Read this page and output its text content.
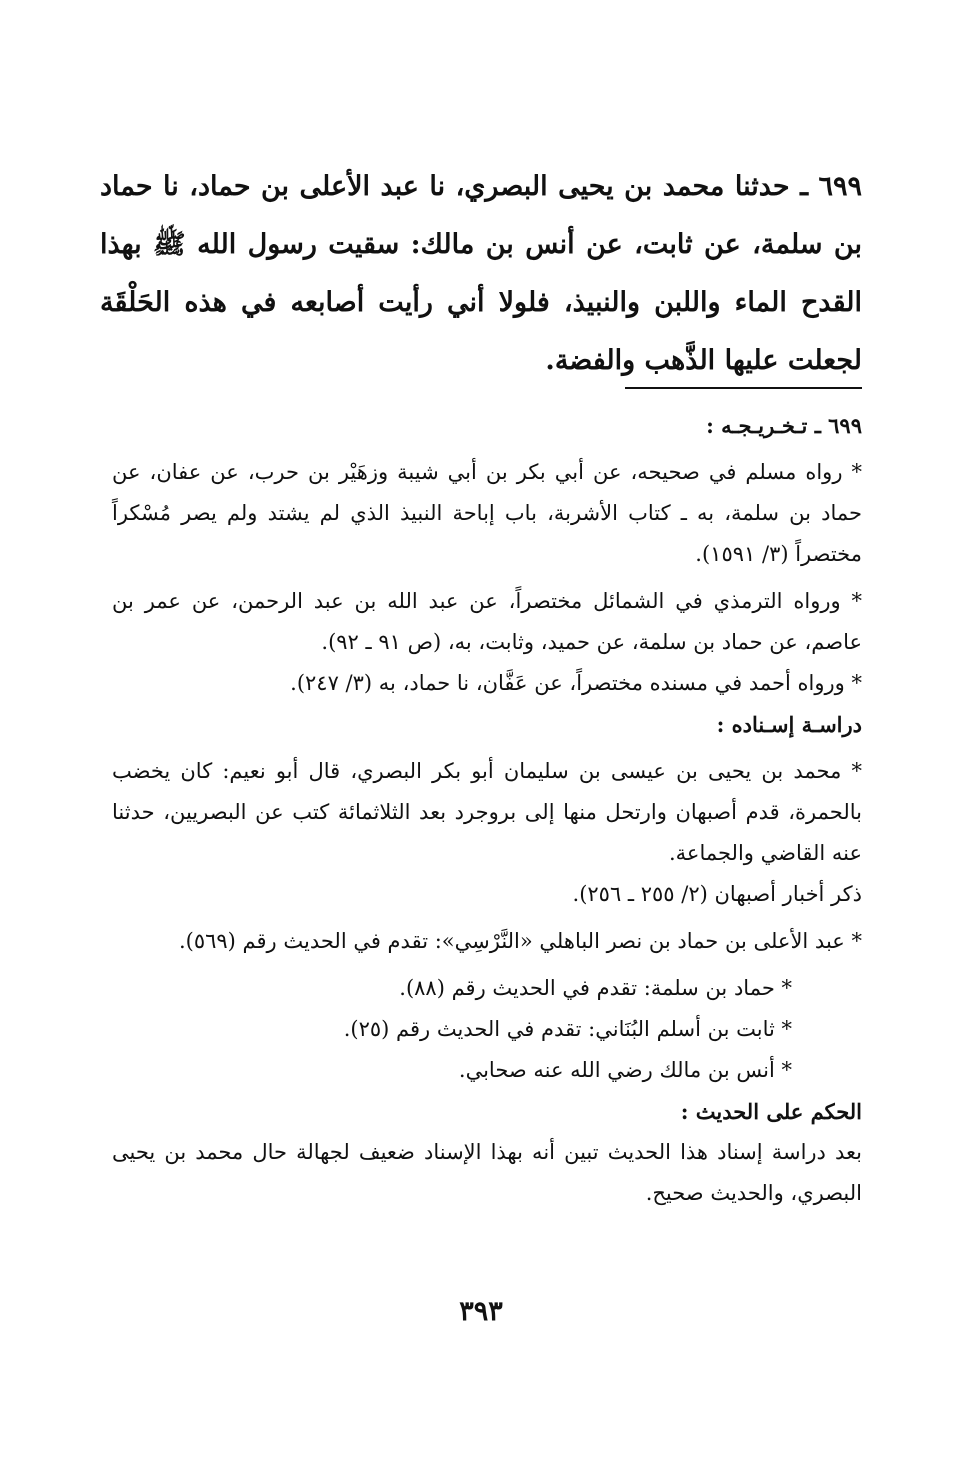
٦٩٩ ـ حدثنا محمد بن يحيى البصري، نا عبد الأعلى بن حماد، نا حماد بن سلمة، عن ثابت، عن أنس بن مالك: سقيت رسول الله ﷺ بهذا القدح الماء واللبن والنبيذ، فلولا أني رأيت أصابعه في هذه الحَلْقَة لجعلت عليها الذَّهب والفضة.

٦٩٩ ـ تـخـريـجـه :

* رواه مسلم في صحيحه، عن أبي بكر بن أبي شيبة وزهَيْر بن حرب، عن عفان، عن حماد بن سلمة، به ـ كتاب الأشربة، باب إباحة النبيذ الذي لم يشتد ولم يصر مُسْكراً مختصراً (٣/ ١٥٩١).

* ورواه الترمذي في الشمائل مختصراً، عن عبد الله بن عبد الرحمن، عن عمر بن عاصم، عن حماد بن سلمة، عن حميد، وثابت، به، (ص ٩١ ـ ٩٢).

* ورواه أحمد في مسنده مختصراً، عن عَفَّان، نا حماد، به (٣/ ٢٤٧).

دراسـة إسـناده :

* محمد بن يحيى بن عيسى بن سليمان أبو بكر البصري، قال أبو نعيم: كان يخضب بالحمرة، قدم أصبهان وارتحل منها إلى بروجرد بعد الثلاثمائة كتب عن البصريين، حدثنا عنه القاضي والجماعة.

ذكر أخبار أصبهان (٢/ ٢٥٥ ـ ٢٥٦).

* عبد الأعلى بن حماد بن نصر الباهلي «النَّرْسِي»: تقدم في الحديث رقم (٥٦٩).

* حماد بن سلمة: تقدم في الحديث رقم (٨٨).

* ثابت بن أسلم البُنَاني: تقدم في الحديث رقم (٢٥).

* أنس بن مالك رضي الله عنه صحابي.

الحكم على الحديث :

بعد دراسة إسناد هذا الحديث تبين أنه بهذا الإسناد ضعيف لجهالة حال محمد بن يحيى البصري، والحديث صحيح.

٣٩٣
